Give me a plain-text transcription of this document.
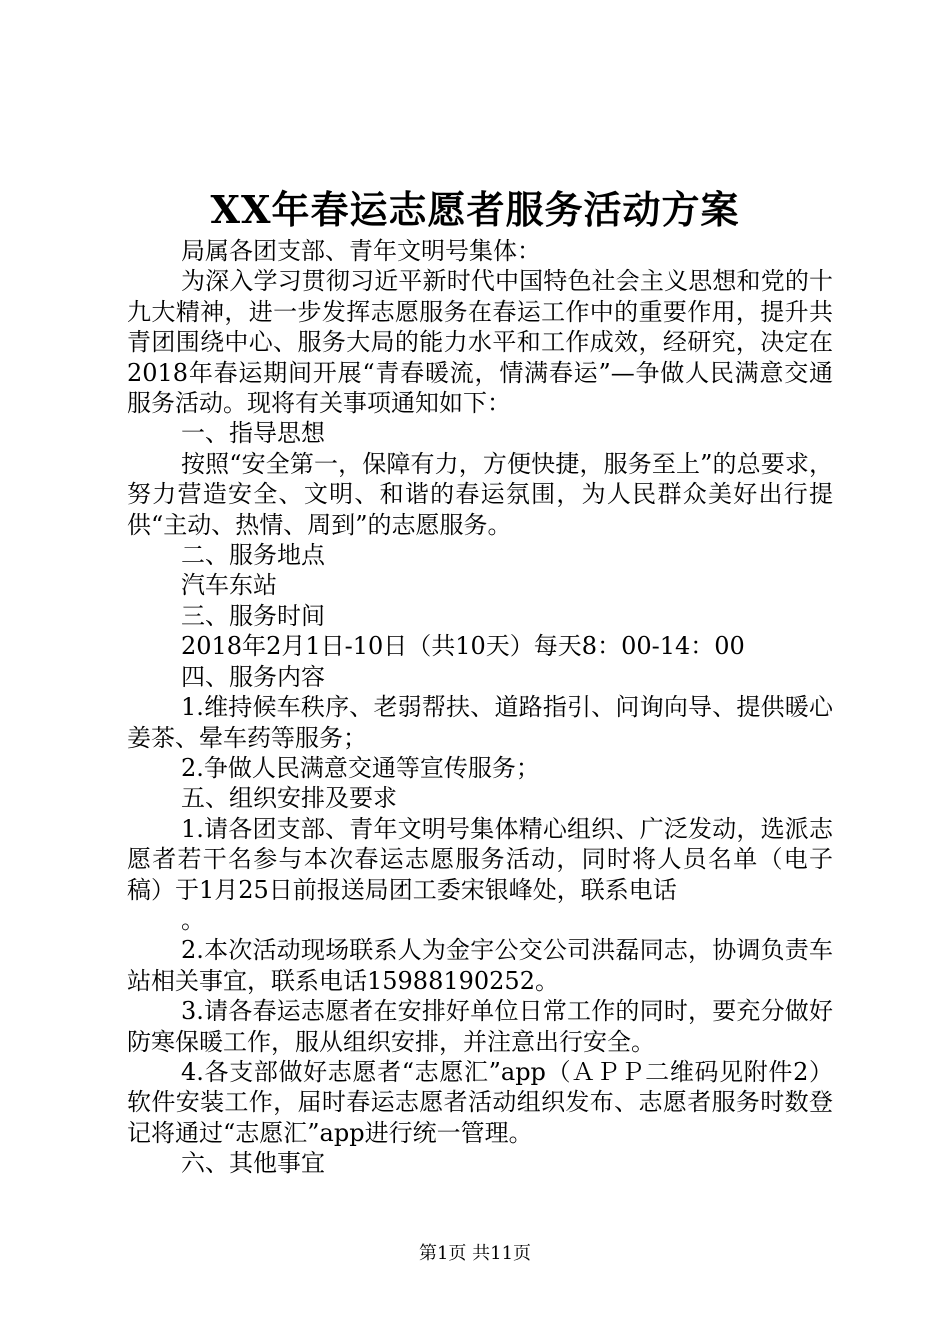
XX年春运志愿者服务活动方案

局属各团支部、青年文明号集体：

为深入学习贯彻习近平新时代中国特色社会主义思想和党的十九大精神，进一步发挥志愿服务在春运工作中的重要作用，提升共青团围绕中心、服务大局的能力水平和工作成效，经研究，决定在2018年春运期间开展“青春暖流，情满春运”—争做人民满意交通服务活动。现将有关事项通知如下：

一、指导思想

按照“安全第一，保障有力，方便快捷，服务至上”的总要求，努力营造安全、文明、和谐的春运氛围，为人民群众美好出行提供“主动、热情、周到”的志愿服务。

二、服务地点

汽车东站

三、服务时间

2018年2月1日-10日（共10天）每天8：00-14：00

四、服务内容

1.维持候车秩序、老弱帮扶、道路指引、问询向导、提供暖心姜茶、晕车药等服务；

2.争做人民满意交通等宣传服务；

五、组织安排及要求

1.请各团支部、青年文明号集体精心组织、广泛发动，选派志愿者若干名参与本次春运志愿服务活动，同时将人员名单（电子稿）于1月25日前报送局团工委宋银峰处，联系电话

。

2.本次活动现场联系人为金宇公交公司洪磊同志，协调负责车站相关事宜，联系电话15988190252。

3.请各春运志愿者在安排好单位日常工作的同时，要充分做好防寒保暖工作，服从组织安排，并注意出行安全。

4.各支部做好志愿者“志愿汇”app（ＡＰＰ二维码见附件2）软件安装工作，届时春运志愿者活动组织发布、志愿者服务时数登记将通过“志愿汇”app进行统一管理。

六、其他事宜

第1页 共11页
